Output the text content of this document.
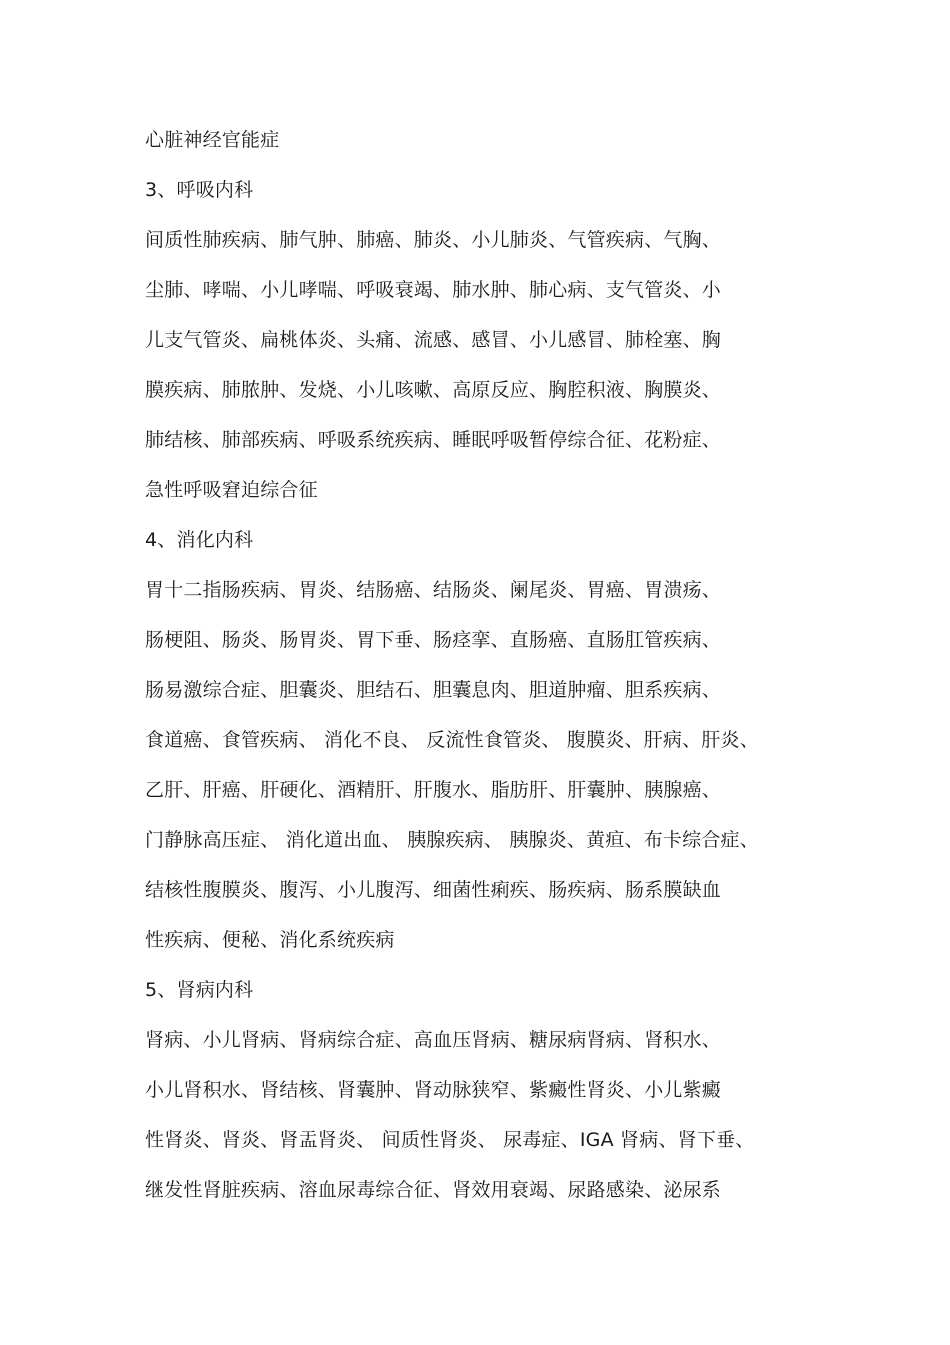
心脏神经官能症
3、呼吸内科
间质性肺疾病、肺气肿、肺癌、肺炎、小儿肺炎、气管疾病、气胸、
尘肺、哮喘、小儿哮喘、呼吸衰竭、肺水肿、肺心病、支气管炎、小
儿支气管炎、扁桃体炎、头痛、流感、感冒、小儿感冒、肺栓塞、胸
膜疾病、肺脓肿、发烧、小儿咳嗽、高原反应、胸腔积液、胸膜炎、
肺结核、肺部疾病、呼吸系统疾病、睡眠呼吸暂停综合征、花粉症、
急性呼吸窘迫综合征
4、消化内科
胃十二指肠疾病、胃炎、结肠癌、结肠炎、阑尾炎、胃癌、胃溃疡、
肠梗阻、肠炎、肠胃炎、胃下垂、肠痉挛、直肠癌、直肠肛管疾病、
肠易激综合症、胆囊炎、胆结石、胆囊息肉、胆道肿瘤、胆系疾病、
食道癌、食管疾病、 消化不良、 反流性食管炎、 腹膜炎、肝病、肝炎、
乙肝、肝癌、肝硬化、酒精肝、肝腹水、脂肪肝、肝囊肿、胰腺癌、
门静脉高压症、 消化道出血、 胰腺疾病、 胰腺炎、黄疸、布卡综合症、
结核性腹膜炎、腹泻、小儿腹泻、细菌性痢疾、肠疾病、肠系膜缺血
性疾病、便秘、消化系统疾病
5、肾病内科
肾病、小儿肾病、肾病综合症、高血压肾病、糖尿病肾病、肾积水、
小儿肾积水、肾结核、肾囊肿、肾动脉狭窄、紫癜性肾炎、小儿紫癜
性肾炎、肾炎、肾盂肾炎、 间质性肾炎、 尿毒症、IGA 肾病、肾下垂、
继发性肾脏疾病、溶血尿毒综合征、肾效用衰竭、尿路感染、泌尿系
